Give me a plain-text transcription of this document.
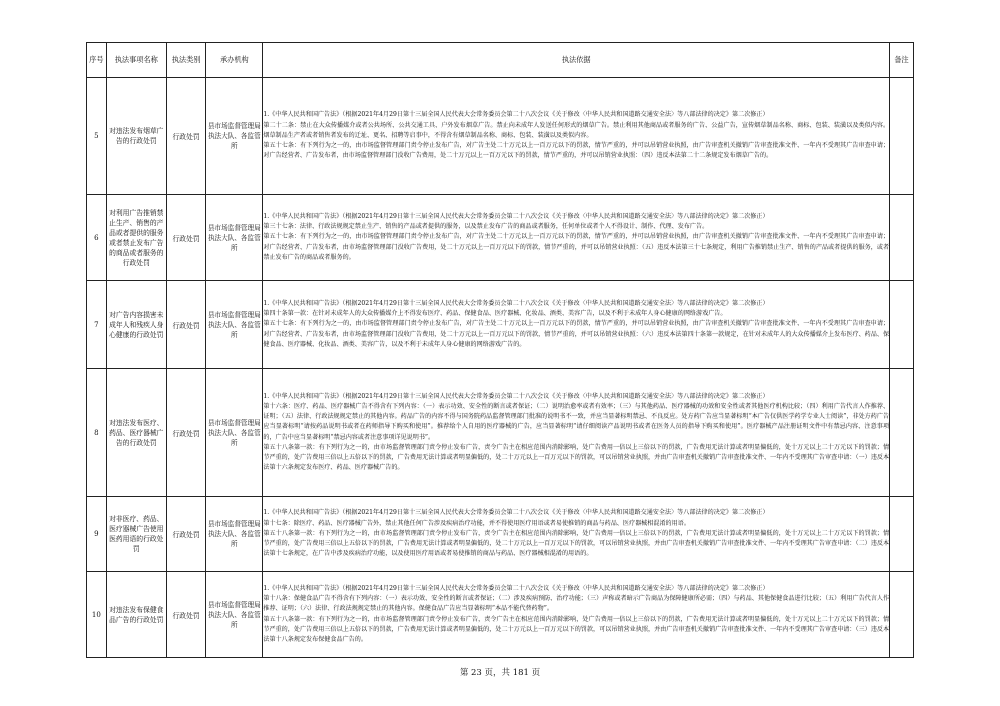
序号	执法事项名称	执法类别	承办机构	执法依据	备注
5	对违法发布烟草广告的行政处罚	行政处罚	县市场监督管理局执法大队、各监管所	1.《中华人民共和国广告法》（根据2021年4月29日第十三届全国人民代表大会常务委员会第二十八次会议《关于修改〈中华人民共和国道路交通安全法〉等八部法律的决定》第二次修正）
第二十二条：禁止在大众传播媒介或者公共场所、公共交通工具、户外发布烟草广告。禁止向未成年人发送任何形式的烟草广告。禁止利用其他商品或者服务的广告、公益广告，宣传烟草制品名称、商标、包装、装潢以及类似内容。烟草制品生产者或者销售者发布的迁址、更名、招聘等启事中，不得含有烟草制品名称、商标、包装、装潢以及类似内容。
第五十七条：有下列行为之一的，由市场监督管理部门责令停止发布广告，对广告主处二十万元以上一百万元以下的罚款，情节严重的，并可以吊销营业执照，由广告审查机关撤销广告审查批准文件、一年内不受理其广告审查申请；对广告经营者、广告发布者，由市场监督管理部门没收广告费用，处二十万元以上一百万元以下的罚款，情节严重的，并可以吊销营业执照：（四）违反本法第二十二条规定发布烟草广告的。	

6	对利用广告推销禁止生产、销售的产品或者提供的服务或者禁止发布广告的商品或者服务的行政处罚	行政处罚	县市场监督管理局执法大队、各监管所	1.《中华人民共和国广告法》（根据2021年4月29日第十三届全国人民代表大会常务委员会第二十八次会议《关于修改〈中华人民共和国道路交通安全法〉等八部法律的决定》第二次修正）
第三十七条：法律、行政法规规定禁止生产、销售的产品或者提供的服务，以及禁止发布广告的商品或者服务，任何单位或者个人不得设计、制作、代理、发布广告。
第五十七条：有下列行为之一的，由市场监督管理部门责令停止发布广告，对广告主处二十万元以上一百万元以下的罚款，情节严重的，并可以吊销营业执照，由广告审查机关撤销广告审查批准文件、一年内不受理其广告审查申请；对广告经营者、广告发布者，由市场监督管理部门没收广告费用，处二十万元以上一百万元以下的罚款，情节严重的，并可以吊销营业执照：（五）违反本法第三十七条规定，利用广告推销禁止生产、销售的产品或者提供的服务，或者禁止发布广告的商品或者服务的。	

7	对广告内容损害未成年人和残疾人身心健康的行政处罚	行政处罚	县市场监督管理局执法大队、各监管所	1.《中华人民共和国广告法》（根据2021年4月29日第十三届全国人民代表大会常务委员会第二十八次会议《关于修改〈中华人民共和国道路交通安全法〉等八部法律的决定》第二次修正）
第四十条第一款：在针对未成年人的大众传播媒介上不得发布医疗、药品、保健食品、医疗器械、化妆品、酒类、美容广告，以及不利于未成年人身心健康的网络游戏广告。
第五十七条：有下列行为之一的，由市场监督管理部门责令停止发布广告，对广告主处二十万元以上一百万元以下的罚款，情节严重的，并可以吊销营业执照，由广告审查机关撤销广告审查批准文件、一年内不受理其广告审查申请；对广告经营者、广告发布者，由市场监督管理部门没收广告费用，处二十万元以上一百万元以下的罚款，情节严重的，并可以吊销营业执照：（六）违反本法第四十条第一款规定，在针对未成年人的大众传播媒介上发布医疗、药品、保健食品、医疗器械、化妆品、酒类、美容广告，以及不利于未成年人身心健康的网络游戏广告的。	

8	对违法发布医疗、药品、医疗器械广告的行政处罚	行政处罚	县市场监督管理局执法大队、各监管所	1.《中华人民共和国广告法》（根据2021年4月29日第十三届全国人民代表大会常务委员会第二十八次会议《关于修改〈中华人民共和国道路交通安全法〉等八部法律的决定》第二次修正）
第十六条：医疗、药品、医疗器械广告不得含有下列内容：（一）表示功效、安全性的断言或者保证；（二）说明治愈率或者有效率；（三）与其他药品、医疗器械的功效和安全性或者其他医疗机构比较；（四）利用广告代言人作推荐、证明；（五）法律、行政法规规定禁止的其他内容。药品广告的内容不得与国务院药品监督管理部门批准的说明书不一致，并应当显著标明禁忌、不良反应。处方药广告应当显著标明“本广告仅供医学药学专业人士阅读”，非处方药广告应当显著标明“请按药品说明书或者在药师指导下购买和使用”。推荐给个人自用的医疗器械的广告，应当显著标明“请仔细阅读产品说明书或者在医务人员的指导下购买和使用”。医疗器械产品注册证明文件中有禁忌内容、注意事项的，广告中应当显著标明“禁忌内容或者注意事项详见说明书”。
第五十八条第一款：有下列行为之一的，由市场监督管理部门责令停止发布广告，责令广告主在相应范围内消除影响，处广告费用一倍以上三倍以下的罚款，广告费用无法计算或者明显偏低的，处十万元以上二十万元以下的罚款；情节严重的，处广告费用三倍以上五倍以下的罚款，广告费用无法计算或者明显偏低的，处二十万元以上一百万元以下的罚款，可以吊销营业执照，并由广告审查机关撤销广告审查批准文件、一年内不受理其广告审查申请：（一）违反本法第十六条规定发布医疗、药品、医疗器械广告的。	

9	对非医疗、药品、医疗器械广告使用医药用语的行政处罚	行政处罚	县市场监督管理局执法大队、各监管所	1.《中华人民共和国广告法》（根据2021年4月29日第十三届全国人民代表大会常务委员会第二十八次会议《关于修改〈中华人民共和国道路交通安全法〉等八部法律的决定》第二次修正）
第十七条：除医疗、药品、医疗器械广告外，禁止其他任何广告涉及疾病治疗功能，并不得使用医疗用语或者易使推销的商品与药品、医疗器械相混淆的用语。
第五十八条第一款：有下列行为之一的，由市场监督管理部门责令停止发布广告，责令广告主在相应范围内消除影响，处广告费用一倍以上三倍以下的罚款，广告费用无法计算或者明显偏低的，处十万元以上二十万元以下的罚款；情节严重的，处广告费用三倍以上五倍以下的罚款，广告费用无法计算或者明显偏低的，处二十万元以上一百万元以下的罚款，可以吊销营业执照，并由广告审查机关撤销广告审查批准文件、一年内不受理其广告审查申请：（二）违反本法第十七条规定，在广告中涉及疾病治疗功能，以及使用医疗用语或者易使推销的商品与药品、医疗器械相混淆的用语的。	

10	对违法发布保健食品广告的行政处罚	行政处罚	县市场监督管理局执法大队、各监管所	1.《中华人民共和国广告法》（根据2021年4月29日第十三届全国人民代表大会常务委员会第二十八次会议《关于修改〈中华人民共和国道路交通安全法〉等八部法律的决定》第二次修正）
第十八条：保健食品广告不得含有下列内容：（一）表示功效、安全性的断言或者保证；（二）涉及疾病预防、治疗功能；（三）声称或者暗示广告商品为保障健康所必需；（四）与药品、其他保健食品进行比较；（五）利用广告代言人作推荐、证明；（六）法律、行政法规规定禁止的其他内容。保健食品广告应当显著标明“本品不能代替药物”。
第五十八条第一款：有下列行为之一的，由市场监督管理部门责令停止发布广告，责令广告主在相应范围内消除影响，处广告费用一倍以上三倍以下的罚款，广告费用无法计算或者明显偏低的，处十万元以上二十万元以下的罚款；情节严重的，处广告费用三倍以上五倍以下的罚款，广告费用无法计算或者明显偏低的，处二十万元以上一百万元以下的罚款，可以吊销营业执照，并由广告审查机关撤销广告审查批准文件、一年内不受理其广告审查申请：（三）违反本法第十八条规定发布保健食品广告的。	

第 23 页，共 181 页
